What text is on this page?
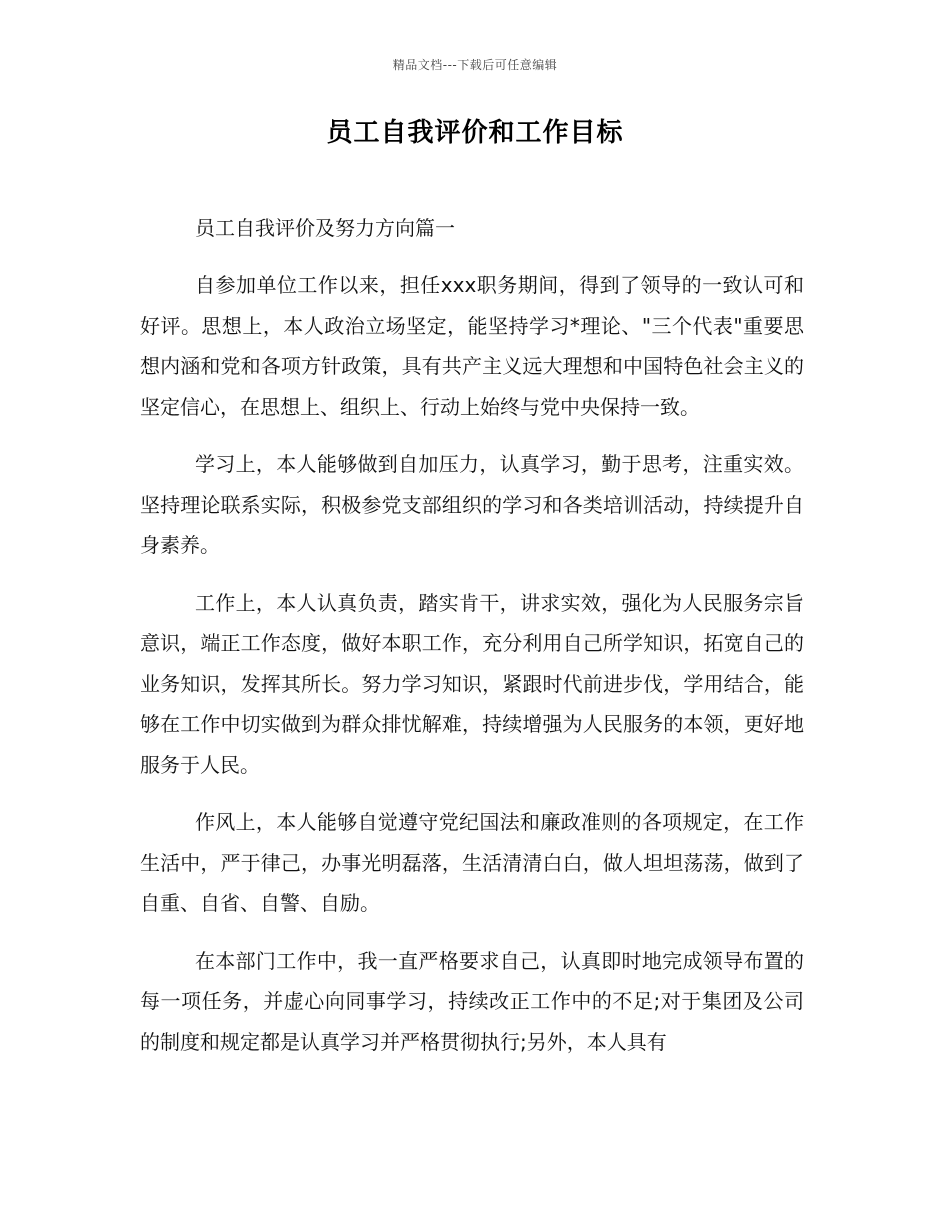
精品文档---下载后可任意编辑
员工自我评价和工作目标
员工自我评价及努力方向篇一

自参加单位工作以来，担任xxx职务期间，得到了领导的一致认可和好评。思想上，本人政治立场坚定，能坚持学习*理论、"三个代表"重要思想内涵和党和各项方针政策，具有共产主义远大理想和中国特色社会主义的坚定信心，在思想上、组织上、行动上始终与党中央保持一致。

学习上，本人能够做到自加压力，认真学习，勤于思考，注重实效。坚持理论联系实际，积极参党支部组织的学习和各类培训活动，持续提升自身素养。

工作上，本人认真负责，踏实肯干，讲求实效，强化为人民服务宗旨意识，端正工作态度，做好本职工作，充分利用自己所学知识，拓宽自己的业务知识，发挥其所长。努力学习知识，紧跟时代前进步伐，学用结合，能够在工作中切实做到为群众排忧解难，持续增强为人民服务的本领，更好地服务于人民。

作风上，本人能够自觉遵守党纪国法和廉政准则的各项规定，在工作生活中，严于律己，办事光明磊落，生活清清白白，做人坦坦荡荡，做到了自重、自省、自警、自励。

在本部门工作中，我一直严格要求自己，认真即时地完成领导布置的每一项任务，并虚心向同事学习，持续改正工作中的不足;对于集团及公司的制度和规定都是认真学习并严格贯彻执行;另外，本人具有
